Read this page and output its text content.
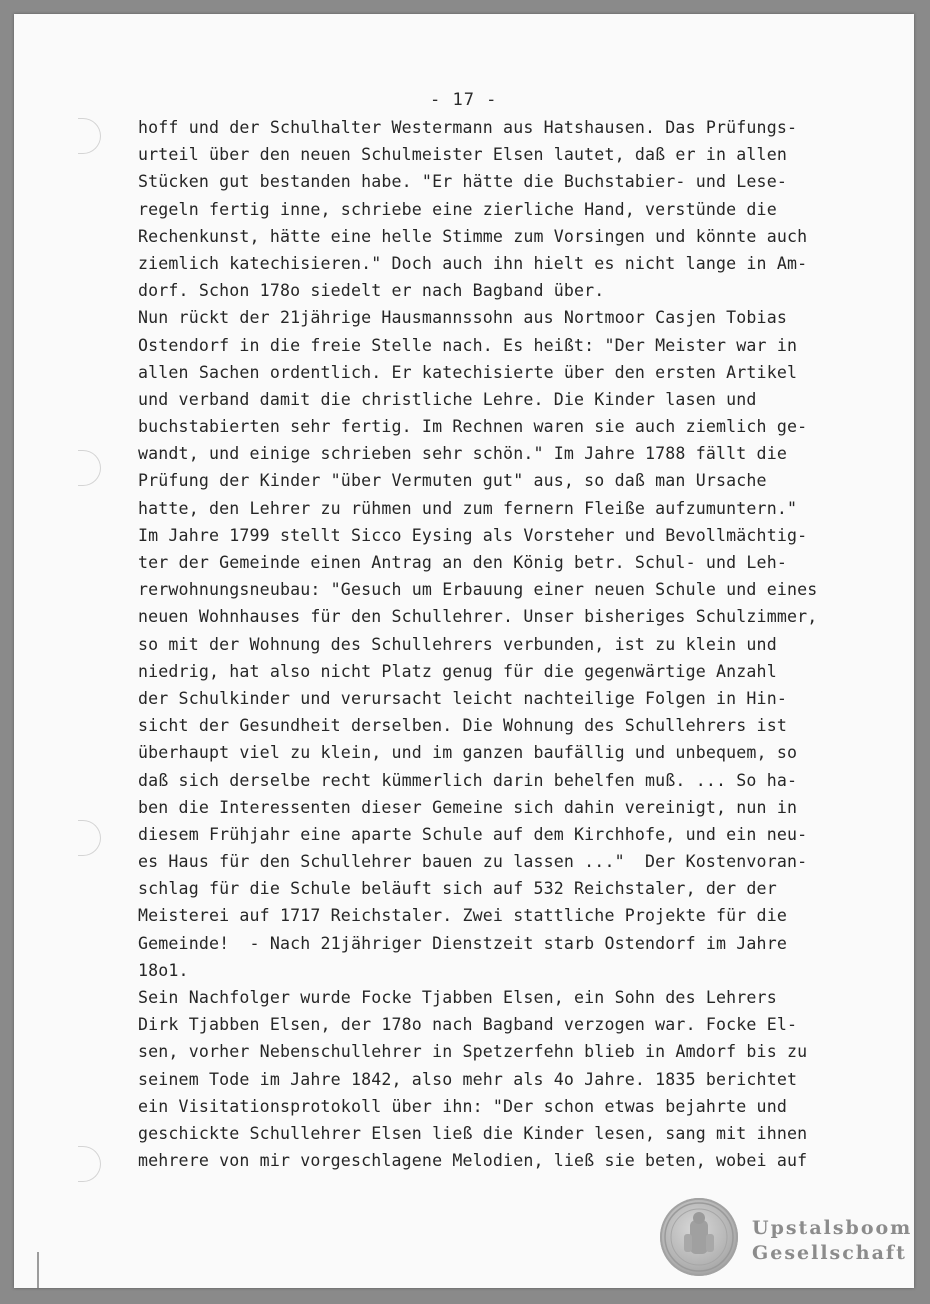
- 17 -
hoff und der Schulhalter Westermann aus Hatshausen. Das Prüfungs-
urteil über den neuen Schulmeister Elsen lautet, daß er in allen
Stücken gut bestanden habe. "Er hätte die Buchstabier- und Lese-
regeln fertig inne, schriebe eine zierliche Hand, verstünde die
Rechenkunst, hätte eine helle Stimme zum Vorsingen und könnte auch
ziemlich katechisieren." Doch auch ihn hielt es nicht lange in Am-
dorf. Schon 178o siedelt er nach Bagband über.
Nun rückt der 21jährige Hausmannssohn aus Nortmoor Casjen Tobias
Ostendorf in die freie Stelle nach. Es heißt: "Der Meister war in
allen Sachen ordentlich. Er katechisierte über den ersten Artikel
und verband damit die christliche Lehre. Die Kinder lasen und
buchstabierten sehr fertig. Im Rechnen waren sie auch ziemlich ge-
wandt, und einige schrieben sehr schön." Im Jahre 1788 fällt die
Prüfung der Kinder "über Vermuten gut" aus, so daß man Ursache
hatte, den Lehrer zu rühmen und zum fernern Fleiße aufzumuntern."
Im Jahre 1799 stellt Sicco Eysing als Vorsteher und Bevollmächtig-
ter der Gemeinde einen Antrag an den König betr. Schul- und Leh-
rerwohnungsneubau: "Gesuch um Erbauung einer neuen Schule und eines
neuen Wohnhauses für den Schullehrer. Unser bisheriges Schulzimmer,
so mit der Wohnung des Schullehrers verbunden, ist zu klein und
niedrig, hat also nicht Platz genug für die gegenwärtige Anzahl
der Schulkinder und verursacht leicht nachteilige Folgen in Hin-
sicht der Gesundheit derselben. Die Wohnung des Schullehrers ist
überhaupt viel zu klein, und im ganzen baufällig und unbequem, so
daß sich derselbe recht kümmerlich darin behelfen muß. ... So ha-
ben die Interessenten dieser Gemeine sich dahin vereinigt, nun in
diesem Frühjahr eine aparte Schule auf dem Kirchhofe, und ein neu-
es Haus für den Schullehrer bauen zu lassen ..."  Der Kostenvoran-
schlag für die Schule beläuft sich auf 532 Reichstaler, der der
Meisterei auf 1717 Reichstaler. Zwei stattliche Projekte für die
Gemeinde!  - Nach 21jähriger Dienstzeit starb Ostendorf im Jahre
18o1.
Sein Nachfolger wurde Focke Tjabben Elsen, ein Sohn des Lehrers
Dirk Tjabben Elsen, der 178o nach Bagband verzogen war. Focke El-
sen, vorher Nebenschullehrer in Spetzerfehn blieb in Amdorf bis zu
seinem Tode im Jahre 1842, also mehr als 4o Jahre. 1835 berichtet
ein Visitationsprotokoll über ihn: "Der schon etwas bejahrte und
geschickte Schullehrer Elsen ließ die Kinder lesen, sang mit ihnen
mehrere von mir vorgeschlagene Melodien, ließ sie beten, wobei auf
Upstalsboom
Gesellschaft
